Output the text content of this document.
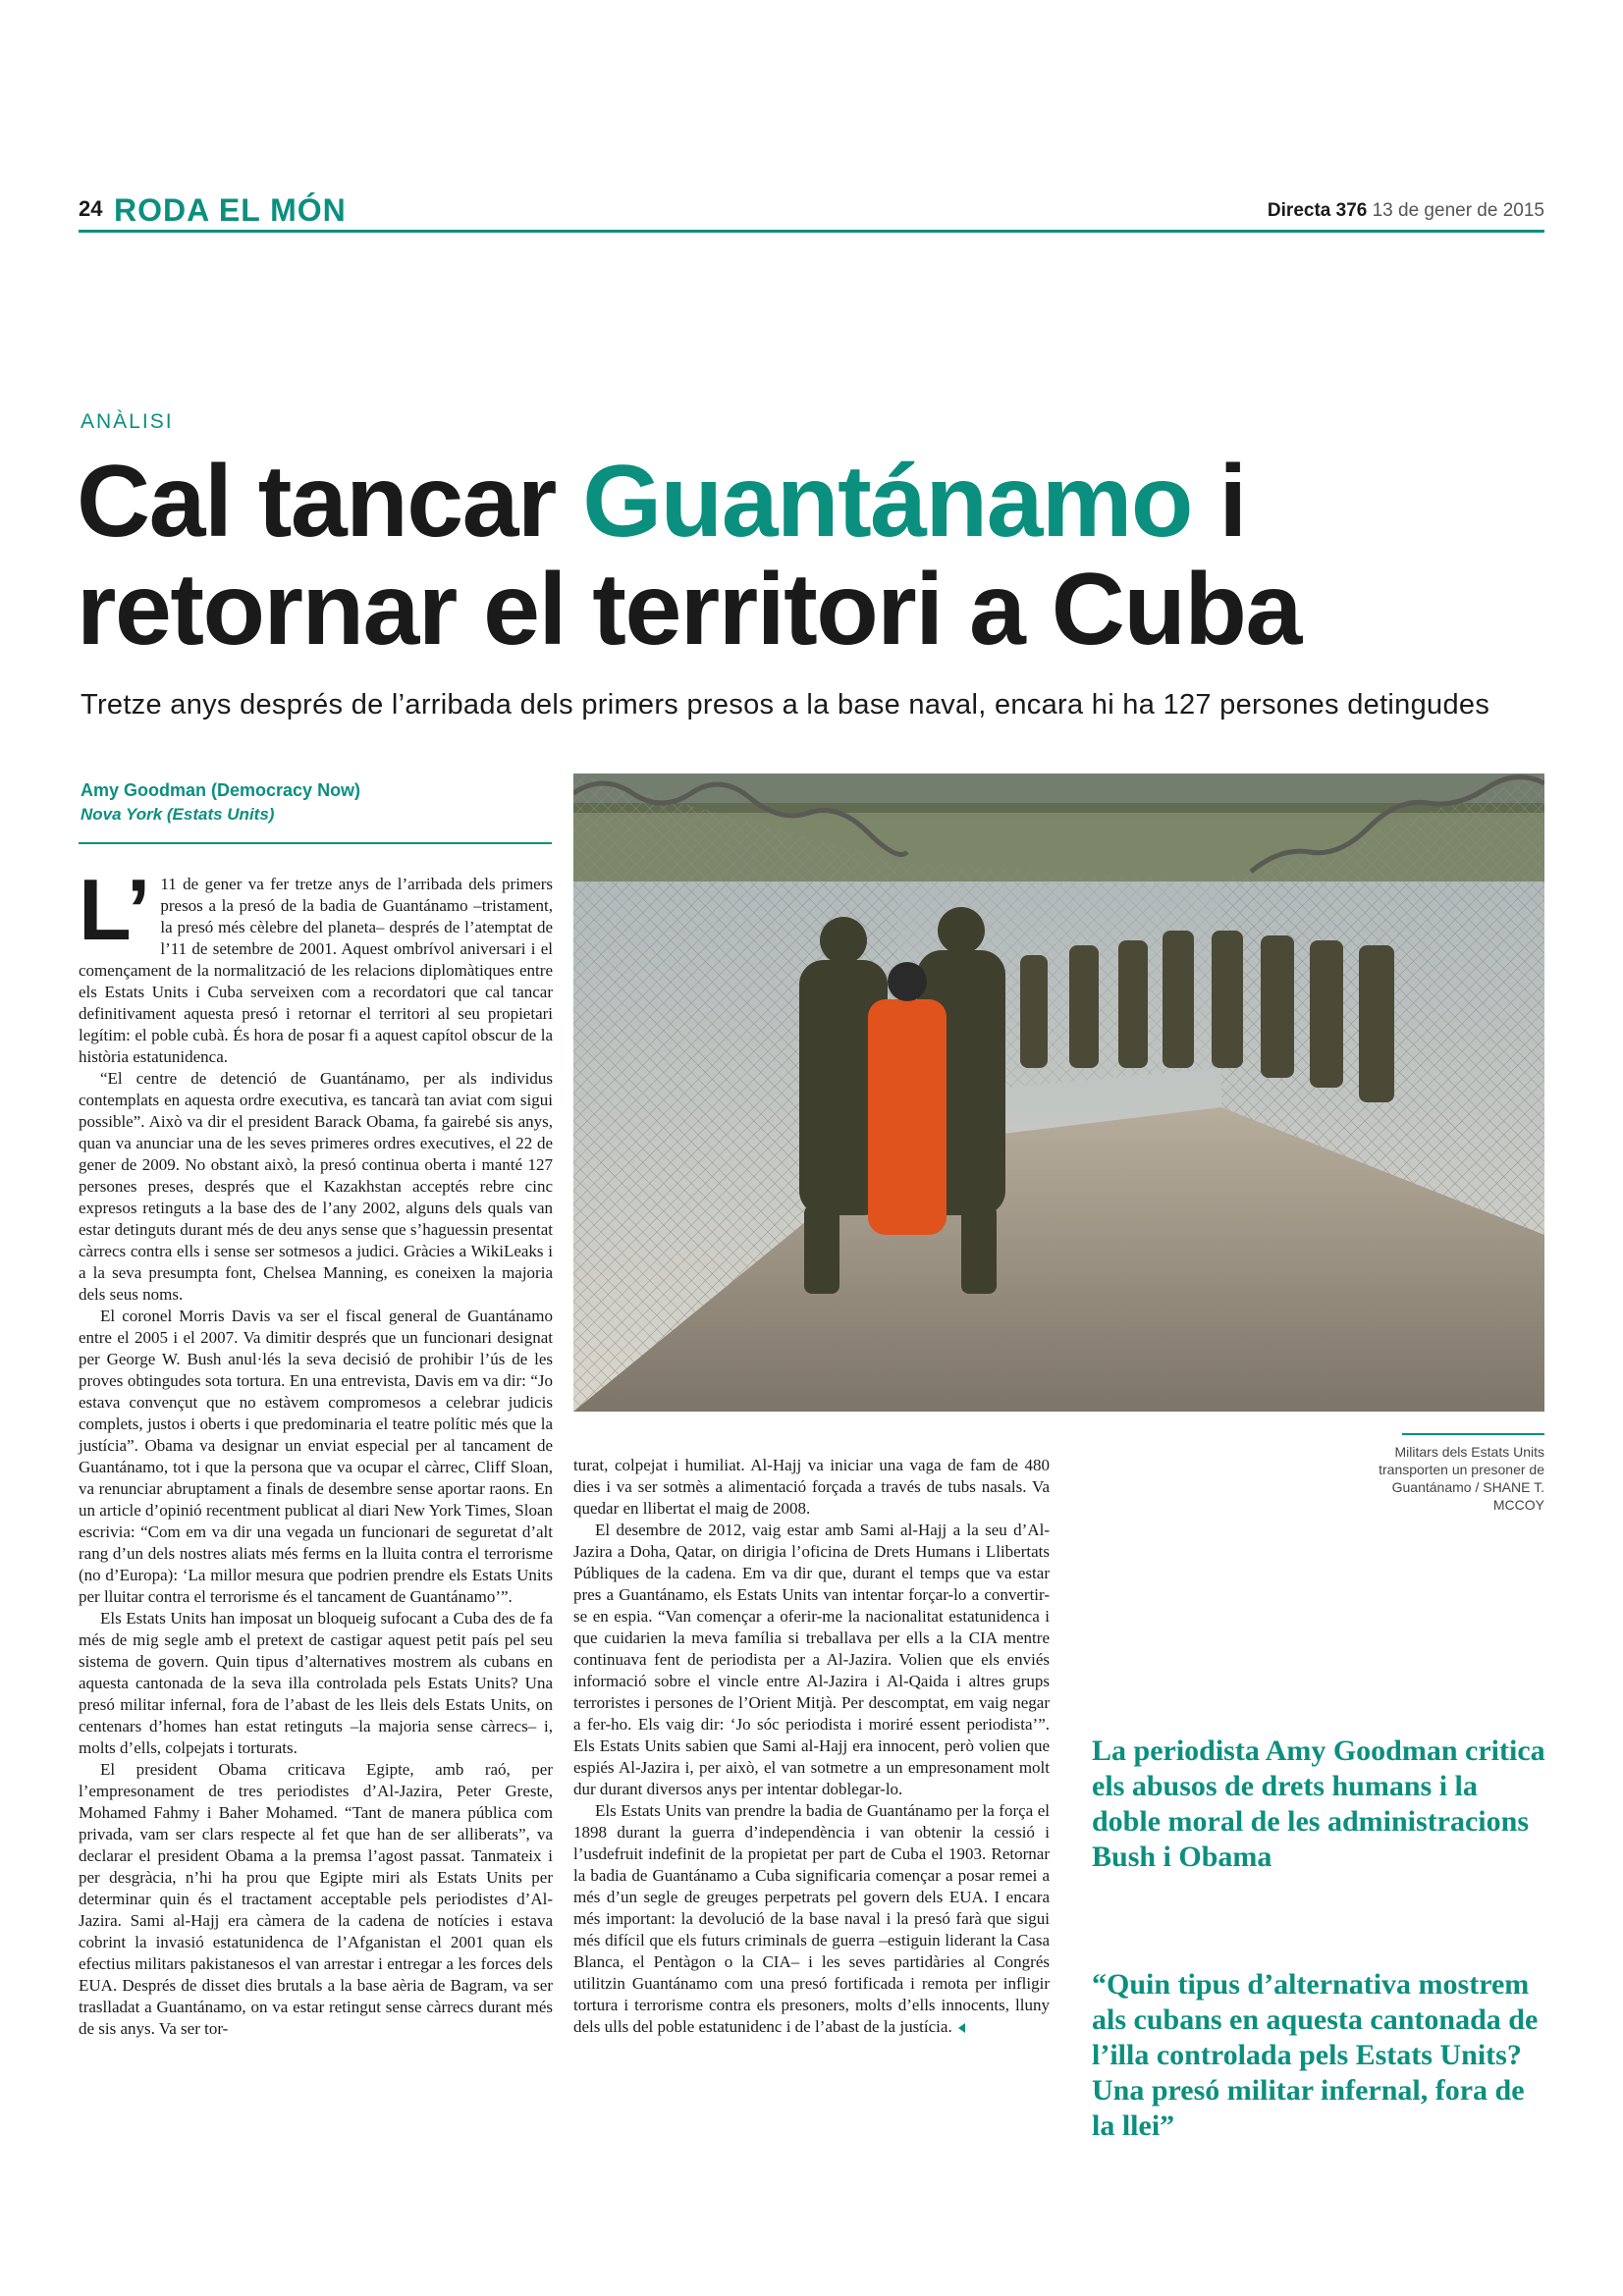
24 RODA EL MÓN	Directa 376 13 de gener de 2015
ANÀLISI
Cal tancar Guantánamo i retornar el territori a Cuba
Tretze anys després de l’arribada dels primers presos a la base naval, encara hi ha 127 persones detingudes
Amy Goodman (Democracy Now)
Nova York (Estats Units)

L’ 11 de gener va fer tretze anys de l’arribada dels primers presos a la presó de la badia de Guantánamo –tristament, la presó més cèlebre del planeta– després de l’atemptat de l’11 de setembre de 2001. Aquest ombrívol aniversari i el començament de la normalització de les relacions diplomàtiques entre els Estats Units i Cuba serveixen com a recordatori que cal tancar definitivament aquesta presó i retornar el territori al seu propietari legítim: el poble cubà. És hora de posar fi a aquest capítol obscur de la història estatunidenca.

“El centre de detenció de Guantánamo, per als individus contemplats en aquesta ordre executiva, es tancarà tan aviat com sigui possible”. Això va dir el president Barack Obama, fa gairebé sis anys, quan va anunciar una de les seves primeres ordres executives, el 22 de gener de 2009. No obstant això, la presó continua oberta i manté 127 persones preses, després que el Kazakhstan acceptés rebre cinc expresos retinguts a la base des de l’any 2002, alguns dels quals van estar detinguts durant més de deu anys sense que s’haguessin presentat càrrecs contra ells i sense ser sotmesos a judici. Gràcies a WikiLeaks i a la seva presumpta font, Chelsea Manning, es coneixen la majoria dels seus noms.

El coronel Morris Davis va ser el fiscal general de Guantánamo entre el 2005 i el 2007. Va dimitir després que un funcionari designat per George W. Bush anul·lés la seva decisió de prohibir l’ús de les proves obtingudes sota tortura. En una entrevista, Davis em va dir: “Jo estava convençut que no estàvem compromesos a celebrar judicis complets, justos i oberts i que predominaria el teatre polític més que la justícia”. Obama va designar un enviat especial per al tancament de Guantánamo, tot i que la persona que va ocupar el càrrec, Cliff Sloan, va renunciar abruptament a finals de desembre sense aportar raons. En un article d’opinió recentment publicat al diari New York Times, Sloan escrivia: “Com em va dir una vegada un funcionari de seguretat d’alt rang d’un dels nostres aliats més ferms en la lluita contra el terrorisme (no d’Europa): ‘La millor mesura que podrien prendre els Estats Units per lluitar contra el terrorisme és el tancament de Guantánamo’”.

Els Estats Units han imposat un bloqueig sufocant a Cuba des de fa més de mig segle amb el pretext de castigar aquest petit país pel seu sistema de govern. Quin tipus d’alternatives mostrem als cubans en aquesta cantonada de la seva illa controlada pels Estats Units? Una presó militar infernal, fora de l’abast de les lleis dels Estats Units, on centenars d’homes han estat retinguts –la majoria sense càrrecs– i, molts d’ells, colpejats i torturats.

El president Obama criticava Egipte, amb raó, per l’empresonament de tres periodistes d’Al-Jazira, Peter Greste, Mohamed Fahmy i Baher Mohamed. “Tant de manera pública com privada, vam ser clars respecte al fet que han de ser alliberats”, va declarar el president Obama a la premsa l’agost passat. Tanmateix i per desgràcia, n’hi ha prou que Egipte miri als Estats Units per determinar quin és el tractament acceptable pels periodistes d’Al-Jazira. Sami al-Hajj era càmera de la cadena de notícies i estava cobrint la invasió estatunidenca de l’Afganistan el 2001 quan els efectius militars pakistanesos el van arrestar i entregar a les forces dels EUA. Després de disset dies brutals a la base aèria de Bagram, va ser traslladat a Guantánamo, on va estar retingut sense càrrecs durant més de sis anys. Va ser tor-

turat, colpejat i humiliat. Al-Hajj va iniciar una vaga de fam de 480 dies i va ser sotmès a alimentació forçada a través de tubs nasals. Va quedar en llibertat el maig de 2008.

El desembre de 2012, vaig estar amb Sami al-Hajj a la seu d’Al-Jazira a Doha, Qatar, on dirigia l’oficina de Drets Humans i Llibertats Públiques de la cadena. Em va dir que, durant el temps que va estar pres a Guantánamo, els Estats Units van intentar forçar-lo a convertir-se en espia. “Van començar a oferir-me la nacionalitat estatunidenca i que cuidarien la meva família si treballava per ells a la CIA mentre continuava fent de periodista per a Al-Jazira. Volien que els enviés informació sobre el vincle entre Al-Jazira i Al-Qaida i altres grups terroristes i persones de l’Orient Mitjà. Per descomptat, em vaig negar a fer-ho. Els vaig dir: ‘Jo sóc periodista i moriré essent periodista’”. Els Estats Units sabien que Sami al-Hajj era innocent, però volien que espiés Al-Jazira i, per això, el van sotmetre a un empresonament molt dur durant diversos anys per intentar doblegar-lo.

Els Estats Units van prendre la badia de Guantánamo per la força el 1898 durant la guerra d’independència i van obtenir la cessió i l’usdefruit indefinit de la propietat per part de Cuba el 1903. Retornar la badia de Guantánamo a Cuba significaria començar a posar remei a més d’un segle de greuges perpetrats pel govern dels EUA. I encara més important: la devolució de la base naval i la presó farà que sigui més difícil que els futurs criminals de guerra –estiguin liderant la Casa Blanca, el Pentàgon o la CIA– i les seves partidàries al Congrés utilitzin Guantánamo com una presó fortificada i remota per infligir tortura i terrorisme contra els presoners, molts d’ells innocents, lluny dels ulls del poble estatunidenc i de l’abast de la justícia.

Militars dels Estats Units transporten un presoner de Guantánamo / SHANE T. MCCOY
La periodista Amy Goodman critica els abusos de drets humans i la doble moral de les administracions Bush i Obama
“Quin tipus d’alternativa mostrem als cubans en aquesta cantonada de l’illa controlada pels Estats Units? Una presó militar infernal, fora de la llei”
